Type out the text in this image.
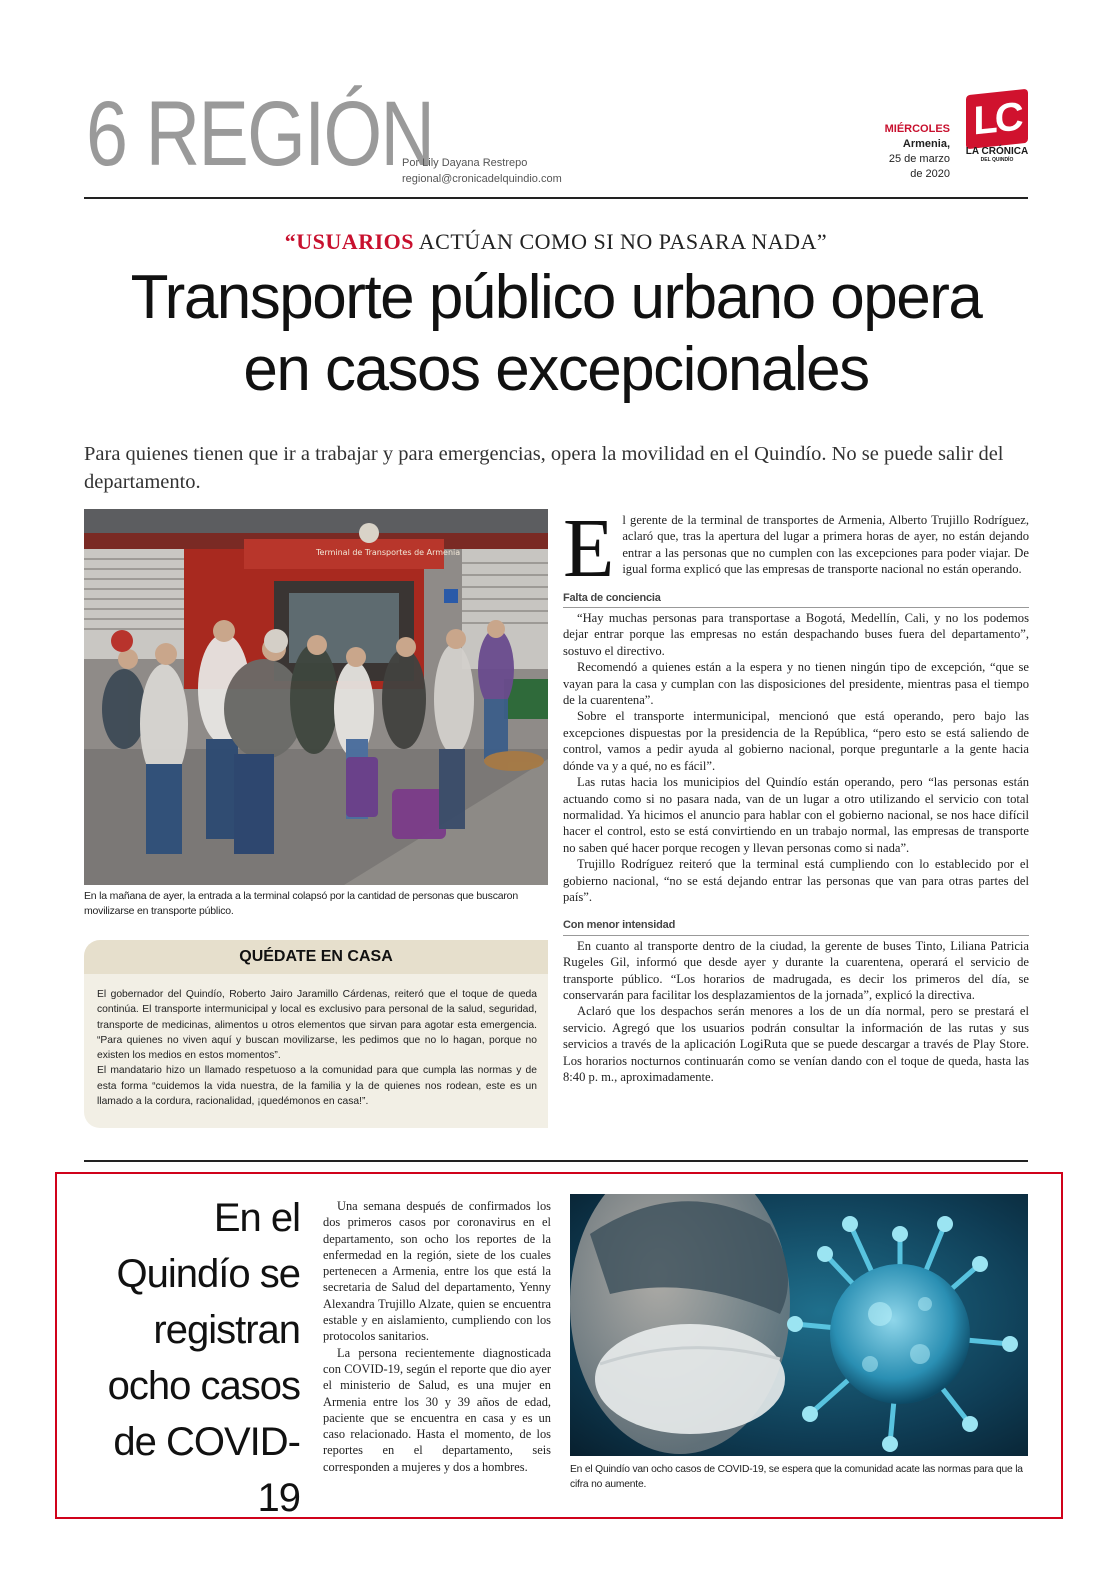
6 REGIÓN
Por Lily Dayana Restrepo
regional@cronicadelquindio.com
MIÉRCOLES
Armenia,
25 de marzo
de 2020
LC
LA CRÓNICA
DEL QUINDÍO
“USUARIOS ACTÚAN COMO SI NO PASARA NADA”
Transporte público urbano opera
en casos excepcionales
Para quienes tienen que ir a trabajar y para emergencias, opera la movilidad en el Quindío. No se puede salir del departamento.
Terminal de Transportes de Armenia
En la mañana de ayer, la entrada a la terminal colapsó por la cantidad de personas que buscaron movilizarse en transporte público.
QUÉDATE EN CASA

El gobernador del Quindío, Roberto Jairo Jaramillo Cárdenas, reiteró que el toque de queda continúa. El transporte intermunicipal y local es exclusivo para personal de la salud, seguridad, transporte de medicinas, alimentos u otros elementos que sirvan para agotar esta emergencia. “Para quienes no viven aquí y buscan movilizarse, les pedimos que no lo hagan, porque no existen los medios en estos momentos”.

El mandatario hizo un llamado respetuoso a la comunidad para que cumpla las normas y de esta forma “cuidemos la vida nuestra, de la familia y la de quienes nos rodean, este es un llamado a la cordura, racionalidad, ¡quedémonos en casa!”.

El gerente de la terminal de transportes de Armenia, Alberto Trujillo Rodríguez, aclaró que, tras la apertura del lugar a primera horas de ayer, no están dejando entrar a las personas que no cumplen con las excepciones para poder viajar. De igual forma explicó que las empresas de transporte nacional no están operando.

Falta de conciencia

“Hay muchas personas para transportase a Bogotá, Medellín, Cali, y no los podemos dejar entrar porque las empresas no están despachando buses fuera del departamento”, sostuvo el directivo.

Recomendó a quienes están a la espera y no tienen ningún tipo de excepción, “que se vayan para la casa y cumplan con las disposiciones del presidente, mientras pasa el tiempo de la cuarentena”.

Sobre el transporte intermunicipal, mencionó que está operando, pero bajo las excepciones dispuestas por la presidencia de la República, “pero esto se está saliendo de control, vamos a pedir ayuda al gobierno nacional, porque preguntarle a la gente hacia dónde va y a qué, no es fácil”.

Las rutas hacia los municipios del Quindío están operando, pero “las personas están actuando como si no pasara nada, van de un lugar a otro utilizando el servicio con total normalidad. Ya hicimos el anuncio para hablar con el gobierno nacional, se nos hace difícil hacer el control, esto se está convirtiendo en un trabajo normal, las empresas de transporte no saben qué hacer porque recogen y llevan personas como si nada”.

Trujillo Rodríguez reiteró que la terminal está cumpliendo con lo establecido por el gobierno nacional, “no se está dejando entrar las personas que van para otras partes del país”.

Con menor intensidad

En cuanto al transporte dentro de la ciudad, la gerente de buses Tinto, Liliana Patricia Rugeles Gil, informó que desde ayer y durante la cuarentena, operará el servicio de transporte público. “Los horarios de madrugada, es decir los primeros del día, se conservarán para facilitar los desplazamientos de la jornada”, explicó la directiva.

Aclaró que los despachos serán menores a los de un día normal, pero se prestará el servicio. Agregó que los usuarios podrán consultar la información de las rutas y sus servicios a través de la aplicación LogiRuta que se puede descargar a través de Play Store. Los horarios nocturnos continuarán como se venían dando con el toque de queda, hasta las 8:40 p. m., aproximadamente.

En el
Quindío se
registran
ocho casos
de COVID-19

Una semana después de confirmados los dos primeros casos por coronavirus en el departamento, son ocho los reportes de la enfermedad en la región, siete de los cuales pertenecen a Armenia, entre los que está la secretaria de Salud del departamento, Yenny Alexandra Trujillo Alzate, quien se encuentra estable y en aislamiento, cumpliendo con los protocolos sanitarios.

La persona recientemente diagnosticada con COVID-19, según el reporte que dio ayer el ministerio de Salud, es una mujer en Armenia entre los 30 y 39 años de edad, paciente que se encuentra en casa y es un caso relacionado. Hasta el momento, de los reportes en el departamento, seis corresponden a mujeres y dos a hombres.	En el Quindío van ocho casos de COVID-19, se espera que la comunidad acate las normas para que la cifra no aumente.
